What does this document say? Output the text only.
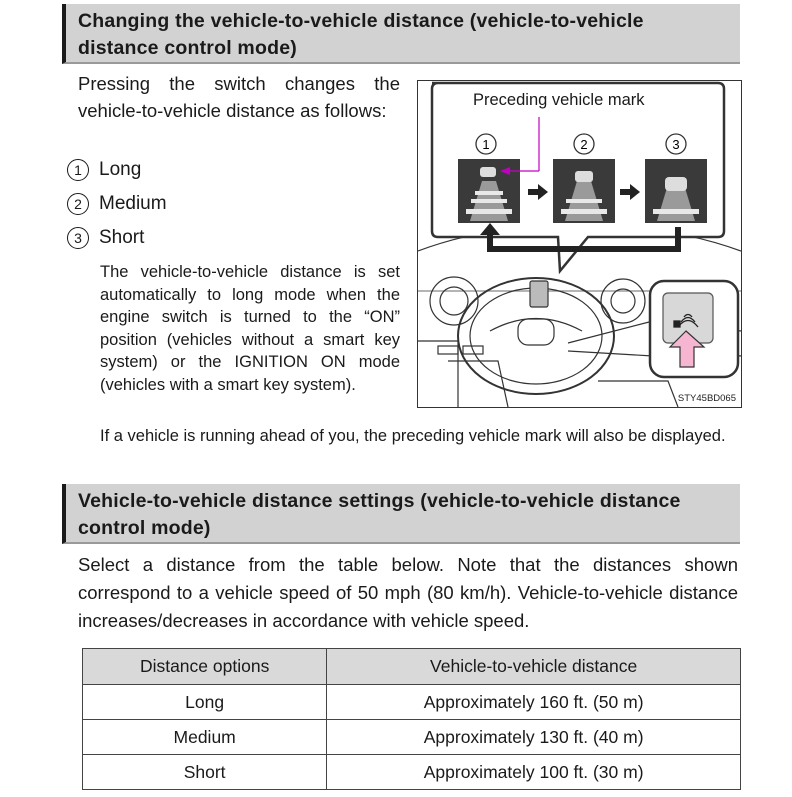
Changing the vehicle-to-vehicle distance (vehicle-to-vehicle distance control mode)
Pressing the switch changes the vehicle-to-vehicle distance as follows:
1 Long
2 Medium
3 Short
The vehicle-to-vehicle distance is set automatically to long mode when the engine switch is turned to the “ON” position (vehicles without a smart key system) or the IGNITION ON mode (vehicles with a smart key system).
If a vehicle is running ahead of you, the preceding vehicle mark will also be displayed.
1	2	3
Preceding vehicle mark
STY45BD065
Vehicle-to-vehicle distance settings (vehicle-to-vehicle distance control mode)
Select a distance from the table below. Note that the distances shown correspond to a vehicle speed of 50 mph (80 km/h). Vehicle-to-vehicle distance increases/decreases in accordance with vehicle speed.
Distance options	Vehicle-to-vehicle distance
Long	Approximately 160 ft. (50 m)
Medium	Approximately 130 ft. (40 m)
Short	Approximately 100 ft. (30 m)
